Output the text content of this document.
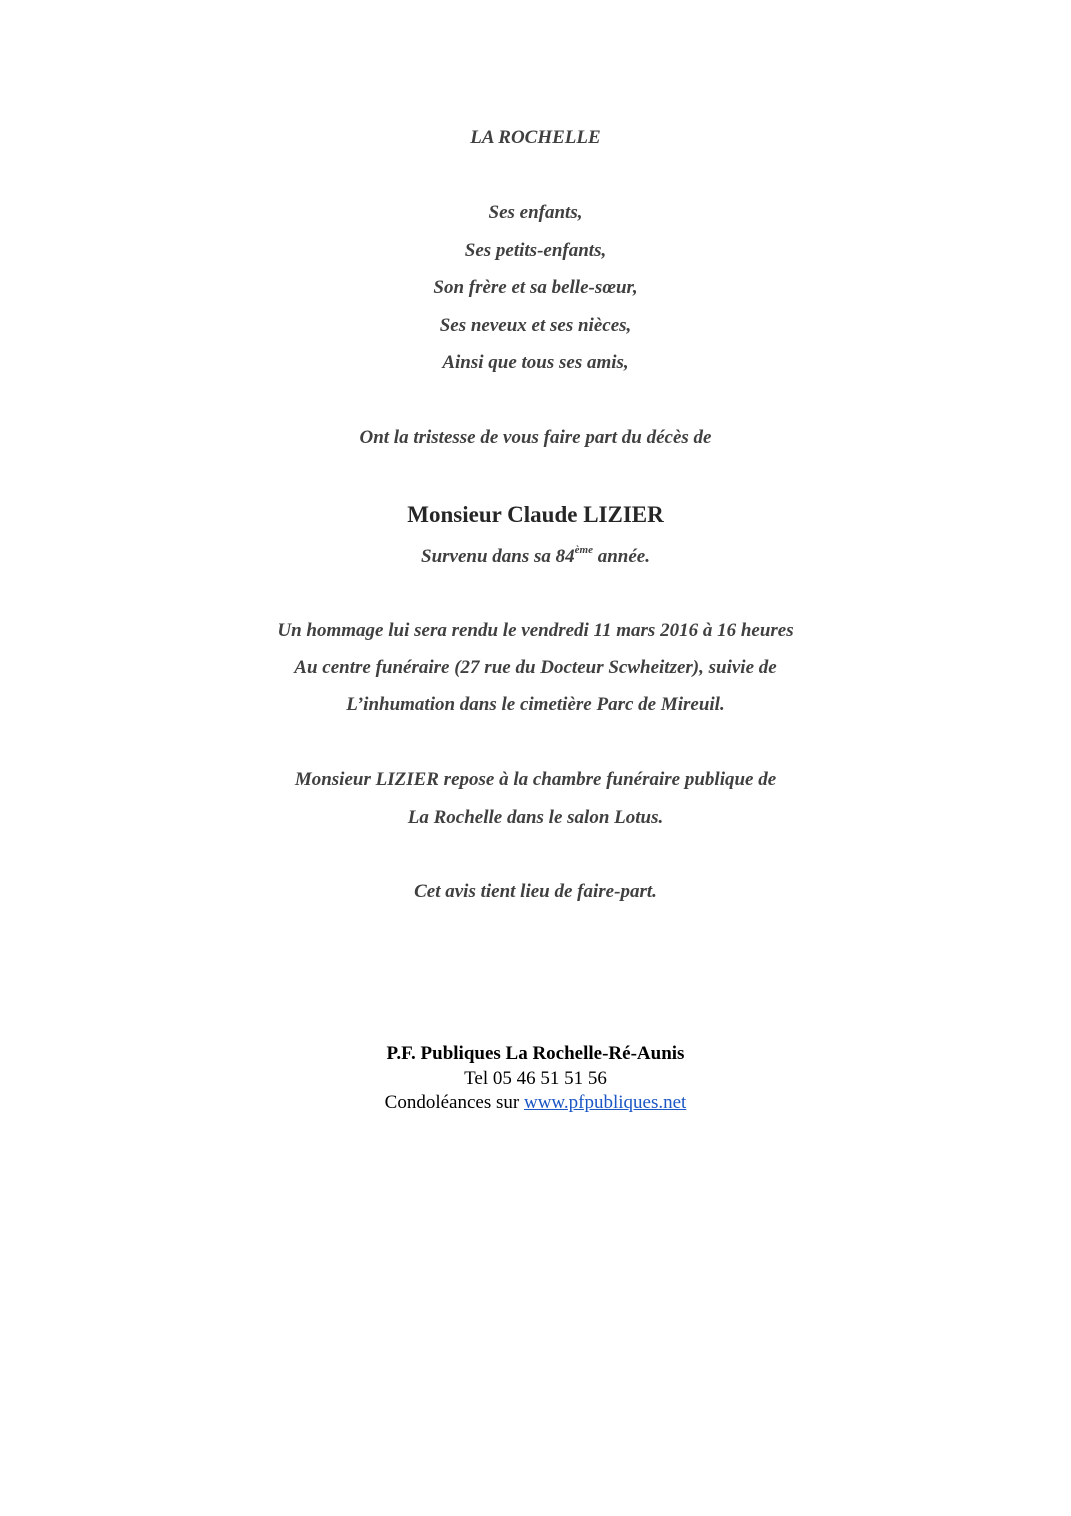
LA ROCHELLE
Ses enfants,
Ses petits-enfants,
Son frère et sa belle-sœur,
Ses neveux et ses nièces,
Ainsi que tous ses amis,
Ont la tristesse de vous faire part du décès de
Monsieur Claude LIZIER
Survenu dans sa 84ème année.
Un hommage lui sera rendu le vendredi 11 mars 2016 à 16 heures
Au centre funéraire (27 rue du Docteur Scwheitzer), suivie de
L’inhumation dans le cimetière Parc de Mireuil.
Monsieur LIZIER repose à la chambre funéraire publique de
La Rochelle dans le salon Lotus.
Cet avis tient lieu de faire-part.
P.F. Publiques La Rochelle-Ré-Aunis
Tel 05 46 51 51 56
Condoléances sur www.pfpubliques.net
